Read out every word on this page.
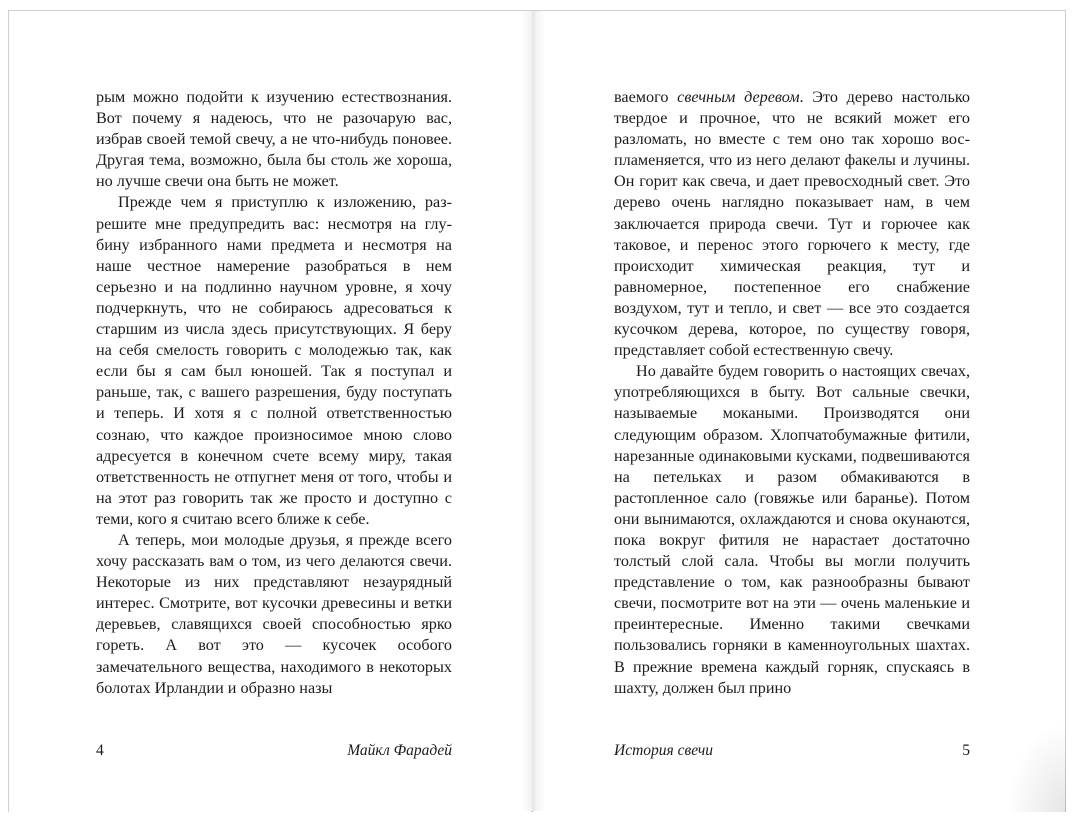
рым можно подойти к изучению естествознания. Вот почему я надеюсь, что не разочарую вас, избрав своей темой свечу, а не что-нибудь поновее. Другая тема, возможно, была бы столь же хороша, но лучше свечи она быть не может.

Прежде чем я приступлю к изложению, разрешите мне предупредить вас: несмотря на глубину избранного нами предмета и несмотря на наше честное намерение разобраться в нем серьезно и на подлинно научном уровне, я хочу подчеркнуть, что не собираюсь адресоваться к старшим из числа здесь присутствующих. Я беру на себя смелость говорить с молодежью так, как если бы я сам был юношей. Так я поступал и раньше, так, с вашего разрешения, буду поступать и теперь. И хотя я с полной ответственностью сознаю, что каждое произносимое мною слово адресуется в конечном счете всему миру, такая ответственность не отпугнет меня от того, чтобы и на этот раз говорить так же просто и доступно с теми, кого я считаю всего ближе к себе.

А теперь, мои молодые друзья, я прежде всего хочу рассказать вам о том, из чего делаются свечи. Некоторые из них представляют незаурядный интерес. Смотрите, вот кусочки древесины и ветки деревьев, славящихся своей способностью ярко гореть. А вот это — кусочек особого замечательного вещества, находимого в некоторых болотах Ирландии и образно назы

4	Майкл Фарадей

ваемого свечным деревом. Это дерево настолько твердое и прочное, что не всякий может его разломать, но вместе с тем оно так хорошо воспламеняется, что из него делают факелы и лучины. Он горит как свеча, и дает превосходный свет. Это дерево очень наглядно показывает нам, в чем заключается природа свечи. Тут и горючее как таковое, и перенос этого горючего к месту, где происходит химическая реакция, тут и равномерное, постепенное его снабжение воздухом, тут и тепло, и свет — все это создается кусочком дерева, которое, по существу говоря, представляет собой естественную свечу.

Но давайте будем говорить о настоящих свечах, употребляющихся в быту. Вот сальные свечки, называемые мокаными. Производятся они следующим образом. Хлопчатобумажные фитили, нарезанные одинаковыми кусками, подвешиваются на петельках и разом обмакиваются в растопленное сало (говяжье или баранье). Потом они вынимаются, охлаждаются и снова окунаются, пока вокруг фитиля не нарастает достаточно толстый слой сала. Чтобы вы могли получить представление о том, как разнообразны бывают свечи, посмотрите вот на эти — очень маленькие и преинтересные. Именно такими свечками пользовались горняки в каменноугольных шахтах. В прежние времена каждый горняк, спускаясь в шахту, должен был прино

История свечи	5
